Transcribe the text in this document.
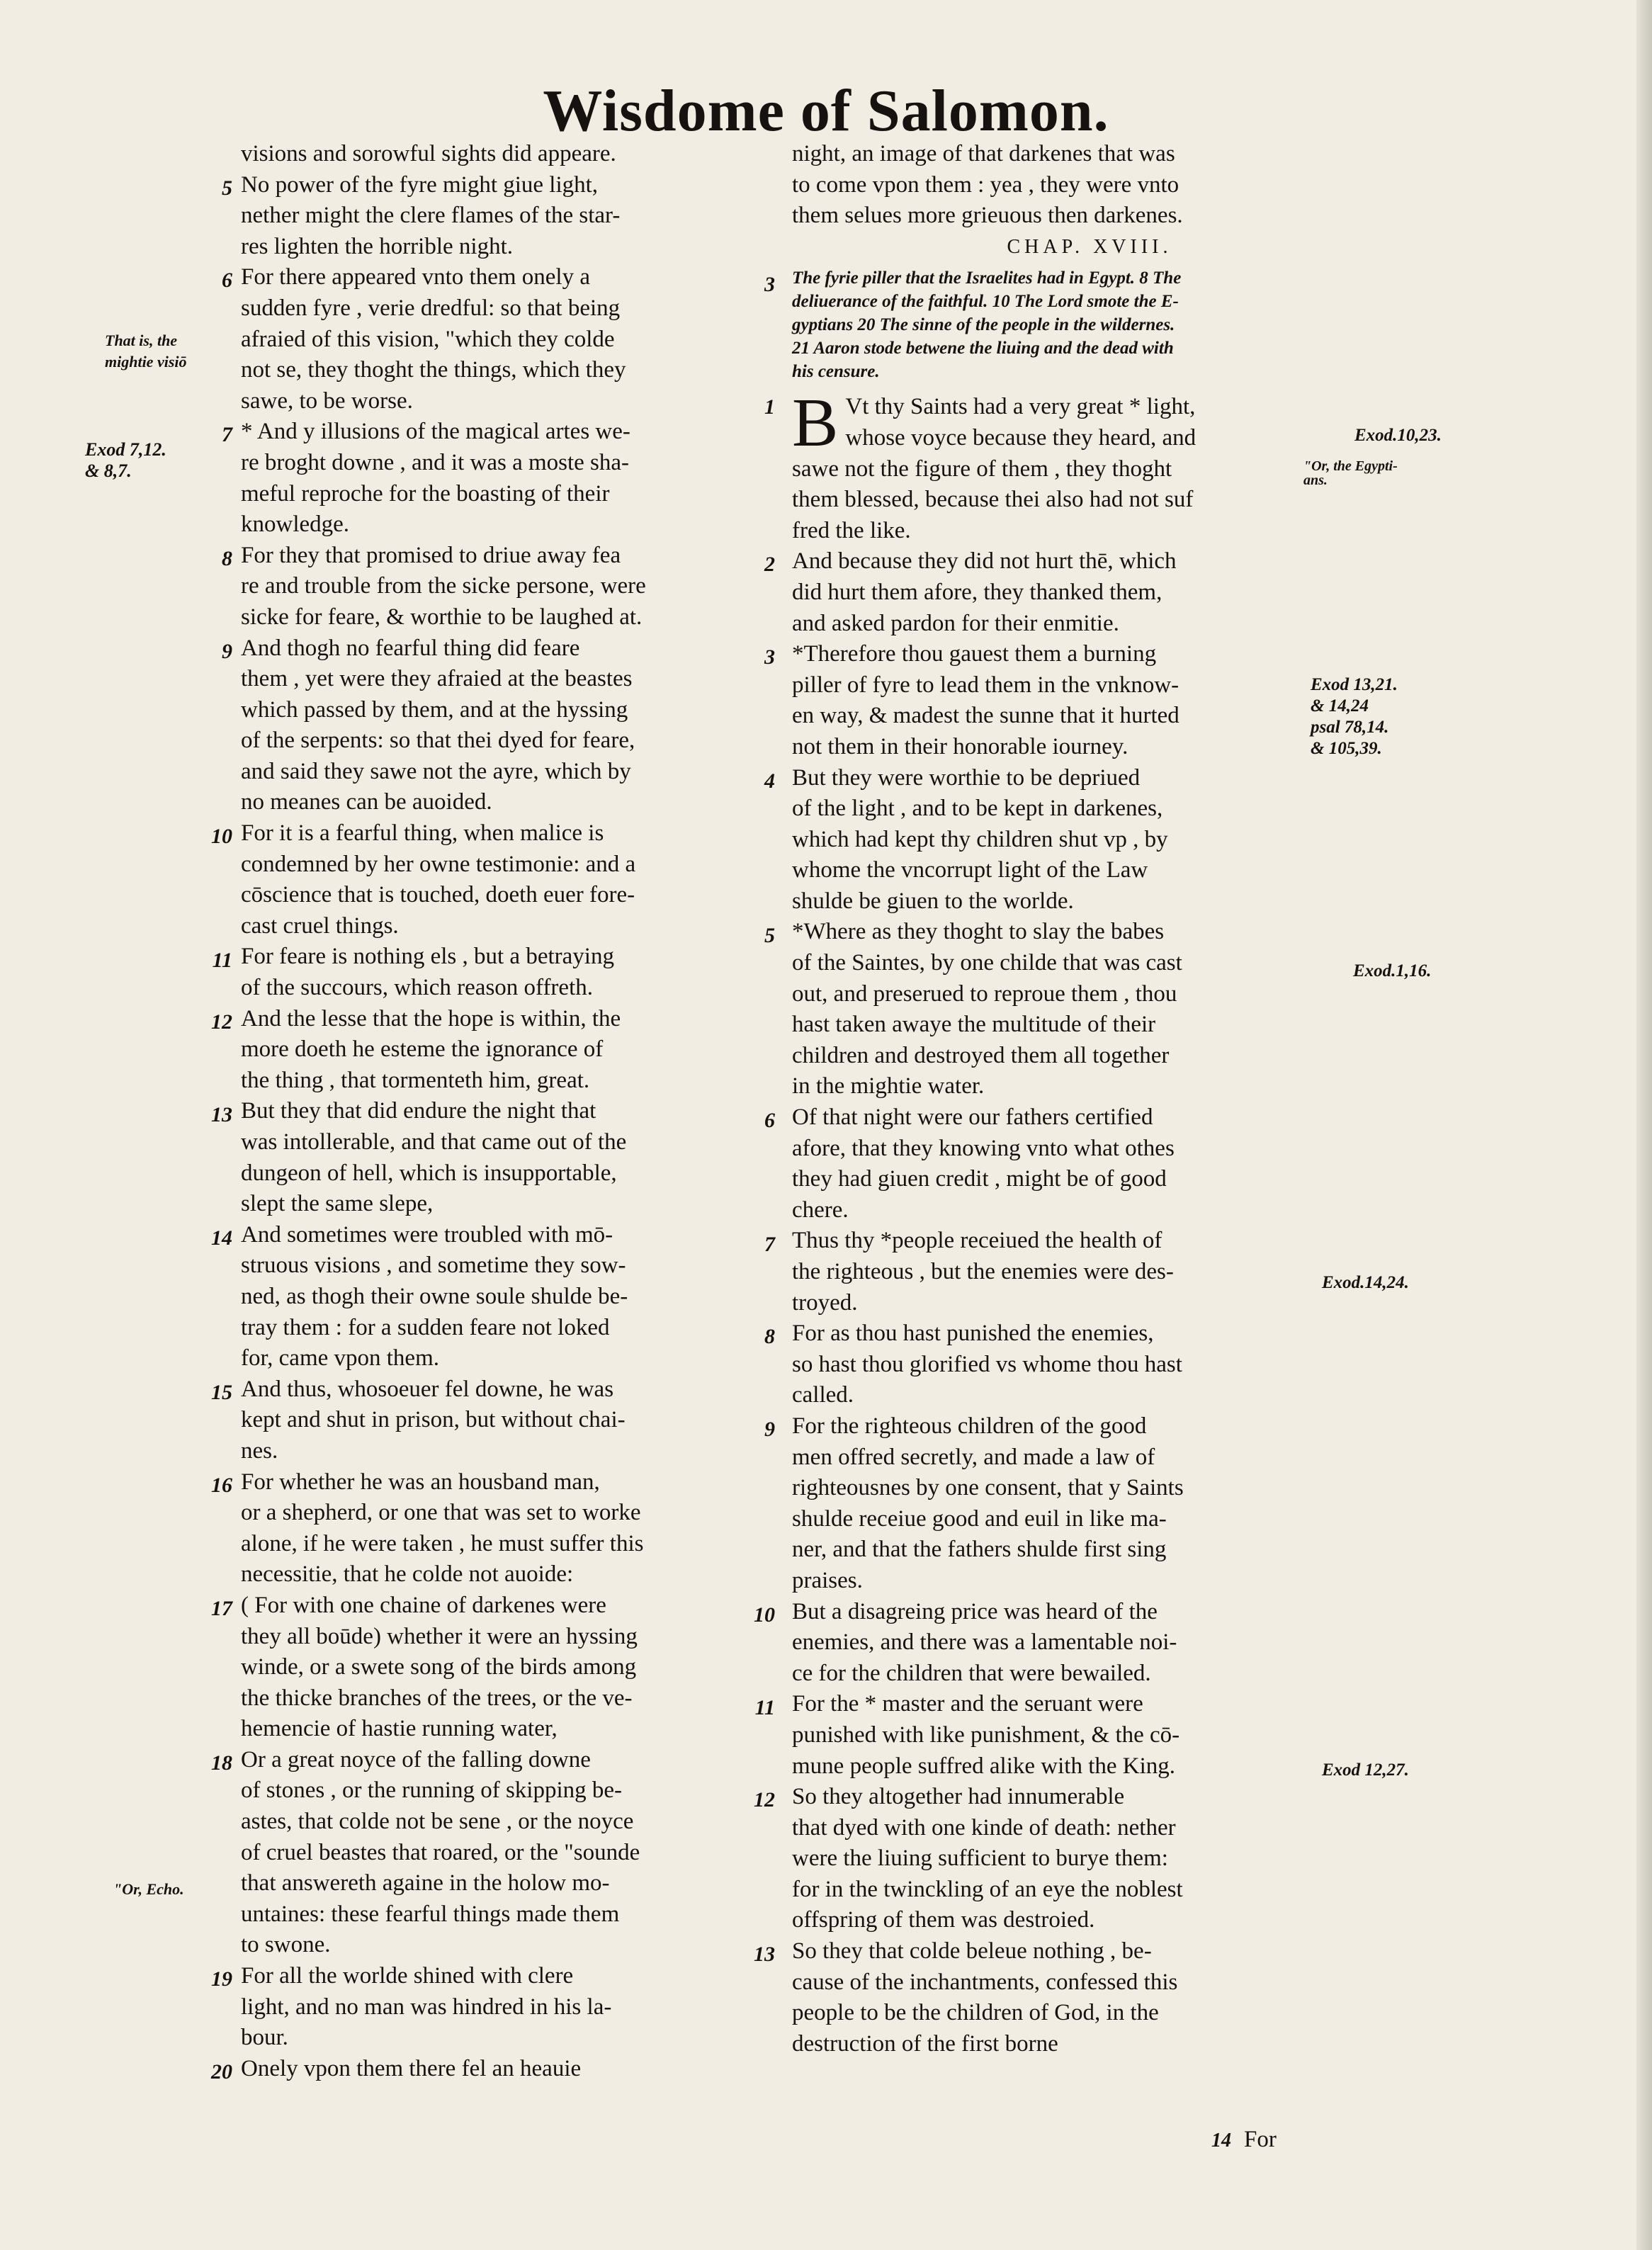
Wisdome of Salomon.
visions and sorowful sights did appeare.
No power of the fyre might giue light,
5
nether might the clere flames of the star-
res lighten the horrible night.
For there appeared vnto them onely a
6
sudden fyre , verie dredful: so that being
afraied of this vision, "which they colde
not se, they thoght the things, which they
sawe, to be worse.
* And y illusions of the magical artes we-
7
re broght downe , and it was a moste sha-
meful reproche for the boasting of their
knowledge.
For they that promised to driue away fea
8
re and trouble from the sicke persone, were
sicke for feare, & worthie to be laughed at.
And thogh no fearful thing did feare
9
them , yet were they afraied at the beastes
which passed by them, and at the hyssing
of the serpents: so that thei dyed for feare,
and said they sawe not the ayre, which by
no meanes can be auoided.
For it is a fearful thing, when malice is
10
condemned by her owne testimonie: and a
cōscience that is touched, doeth euer fore-
cast cruel things.
For feare is nothing els , but a betraying
11
of the succours, which reason offreth.
And the lesse that the hope is within, the
12
more doeth he esteme the ignorance of
the thing , that tormenteth him, great.
But they that did endure the night that
13
was intollerable, and that came out of the
dungeon of hell, which is insupportable,
slept the same slepe,
And sometimes were troubled with mō-
14
struous visions , and sometime they sow-
ned, as thogh their owne soule shulde be-
tray them : for a sudden feare not loked
for, came vpon them.
And thus, whosoeuer fel downe, he was
15
kept and shut in prison, but without chai-
nes.
For whether he was an housband man,
16
or a shepherd, or one that was set to worke
alone, if he were taken , he must suffer this
necessitie, that he colde not auoide:
( For with one chaine of darkenes were
17
they all boūde) whether it were an hyssing
winde, or a swete song of the birds among
the thicke branches of the trees, or the ve-
hemencie of hastie running water,
Or a great noyce of the falling downe
18
of stones , or the running of skipping be-
astes, that colde not be sene , or the noyce
of cruel beastes that roared, or the "sounde
that answereth againe in the holow mo-
untaines: these fearful things made them
to swone.
For all the worlde shined with clere
19
light, and no man was hindred in his la-
bour.
Onely vpon them there fel an heauie
20
night, an image of that darkenes that was
to come vpon them : yea , they were vnto
them selues more grieuous then darkenes.
CHAP. XVIII.
3 The fyrie piller that the Israelites had in Egypt. 8 The
deliuerance of the faithful. 10 The Lord smote the E-
gyptians 20 The sinne of the people in the wildernes.
21 Aaron stode betwene the liuing and the dead with
his censure.
1 B Vt thy Saints had a very great * light,
whose voyce because they heard, and
sawe not the figure of them , they thoght
them blessed, because thei also had not suf
fred the like.
And because they did not hurt thē, which
2
did hurt them afore, they thanked them,
and asked pardon for their enmitie.
*Therefore thou gauest them a burning
3
piller of fyre to lead them in the vnknow-
en way, & madest the sunne that it hurted
not them in their honorable iourney.
But they were worthie to be depriued
4
of the light , and to be kept in darkenes,
which had kept thy children shut vp , by
whome the vncorrupt light of the Law
shulde be giuen to the worlde.
*Where as they thoght to slay the babes
5
of the Saintes, by one childe that was cast
out, and preserued to reproue them , thou
hast taken awaye the multitude of their
children and destroyed them all together
in the mightie water.
Of that night were our fathers certified
6
afore, that they knowing vnto what othes
they had giuen credit , might be of good
chere.
Thus thy *people receiued the health of
7
the righteous , but the enemies were des-
troyed.
For as thou hast punished the enemies,
8
so hast thou glorified vs whome thou hast
called.
For the righteous children of the good
9
men offred secretly, and made a law of
righteousnes by one consent, that y Saints
shulde receiue good and euil in like ma-
ner, and that the fathers shulde first sing
praises.
But a disagreing price was heard of the
10
enemies, and there was a lamentable noi-
ce for the children that were bewailed.
For the * master and the seruant were
11
punished with like punishment, & the cō-
mune people suffred alike with the King.
So they altogether had innumerable
12
that dyed with one kinde of death: nether
were the liuing sufficient to burye them:
for in the twinckling of an eye the noblest
offspring of them was destroied.
So they that colde beleue nothing , be-
13
cause of the inchantments, confessed this
people to be the children of God, in the
destruction of the first borne
That is, the
mightie visiō
Exod 7,12.
& 8,7.
"Or, Echo.
Exod.10,23.
"Or, the Egypti-
ans.
Exod 13,21.
& 14,24
psal 78,14.
& 105,39.
Exod.1,16.
Exod.14,24.
Exod 12,27.
14 For
